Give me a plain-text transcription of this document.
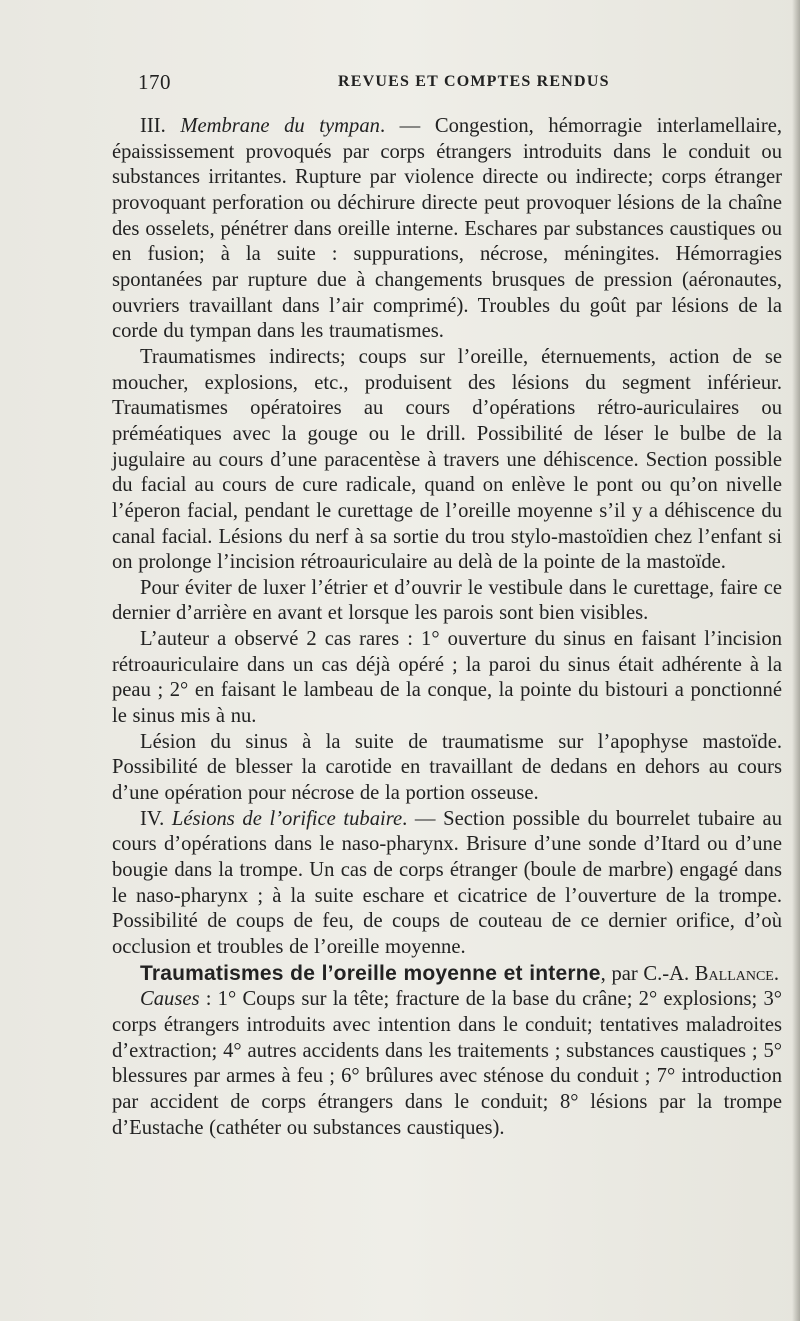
170	REVUES ET COMPTES RENDUS

III. Membrane du tympan. — Congestion, hémorragie interlamellaire, épaississement provoqués par corps étrangers introduits dans le conduit ou substances irritantes. Rupture par violence directe ou indirecte; corps étranger provoquant perforation ou déchirure directe peut provoquer lésions de la chaîne des osselets, pénétrer dans oreille interne. Eschares par substances caustiques ou en fusion; à la suite : suppurations, nécrose, méningites. Hémorragies spontanées par rupture due à changements brusques de pression (aéronautes, ouvriers travaillant dans l’air comprimé). Troubles du goût par lésions de la corde du tympan dans les traumatismes.

Traumatismes indirects; coups sur l’oreille, éternuements, action de se moucher, explosions, etc., produisent des lésions du segment inférieur. Traumatismes opératoires au cours d’opérations rétro-auriculaires ou préméatiques avec la gouge ou le drill. Possibilité de léser le bulbe de la jugulaire au cours d’une paracentèse à travers une déhiscence. Section possible du facial au cours de cure radicale, quand on enlève le pont ou qu’on nivelle l’éperon facial, pendant le curettage de l’oreille moyenne s’il y a déhiscence du canal facial. Lésions du nerf à sa sortie du trou stylo-mastoïdien chez l’enfant si on prolonge l’incision rétroauriculaire au delà de la pointe de la mastoïde.

Pour éviter de luxer l’étrier et d’ouvrir le vestibule dans le curettage, faire ce dernier d’arrière en avant et lorsque les parois sont bien visibles.

L’auteur a observé 2 cas rares : 1° ouverture du sinus en faisant l’incision rétroauriculaire dans un cas déjà opéré ; la paroi du sinus était adhérente à la peau ; 2° en faisant le lambeau de la conque, la pointe du bistouri a ponctionné le sinus mis à nu.

Lésion du sinus à la suite de traumatisme sur l’apophyse mastoïde. Possibilité de blesser la carotide en travaillant de dedans en dehors au cours d’une opération pour nécrose de la portion osseuse.

IV. Lésions de l’orifice tubaire. — Section possible du bourrelet tubaire au cours d’opérations dans le naso-pharynx. Brisure d’une sonde d’Itard ou d’une bougie dans la trompe. Un cas de corps étranger (boule de marbre) engagé dans le naso-pharynx ; à la suite eschare et cicatrice de l’ouverture de la trompe. Possibilité de coups de feu, de coups de couteau de ce dernier orifice, d’où occlusion et troubles de l’oreille moyenne.

Traumatismes de l’oreille moyenne et interne, par C.-A. Ballance.

Causes : 1° Coups sur la tête; fracture de la base du crâne; 2° explosions; 3° corps étrangers introduits avec intention dans le conduit; tentatives maladroites d’extraction; 4° autres accidents dans les traitements ; substances caustiques ; 5° blessures par armes à feu ; 6° brûlures avec sténose du conduit ; 7° introduction par accident de corps étrangers dans le conduit; 8° lésions par la trompe d’Eustache (cathéter ou substances caustiques).
